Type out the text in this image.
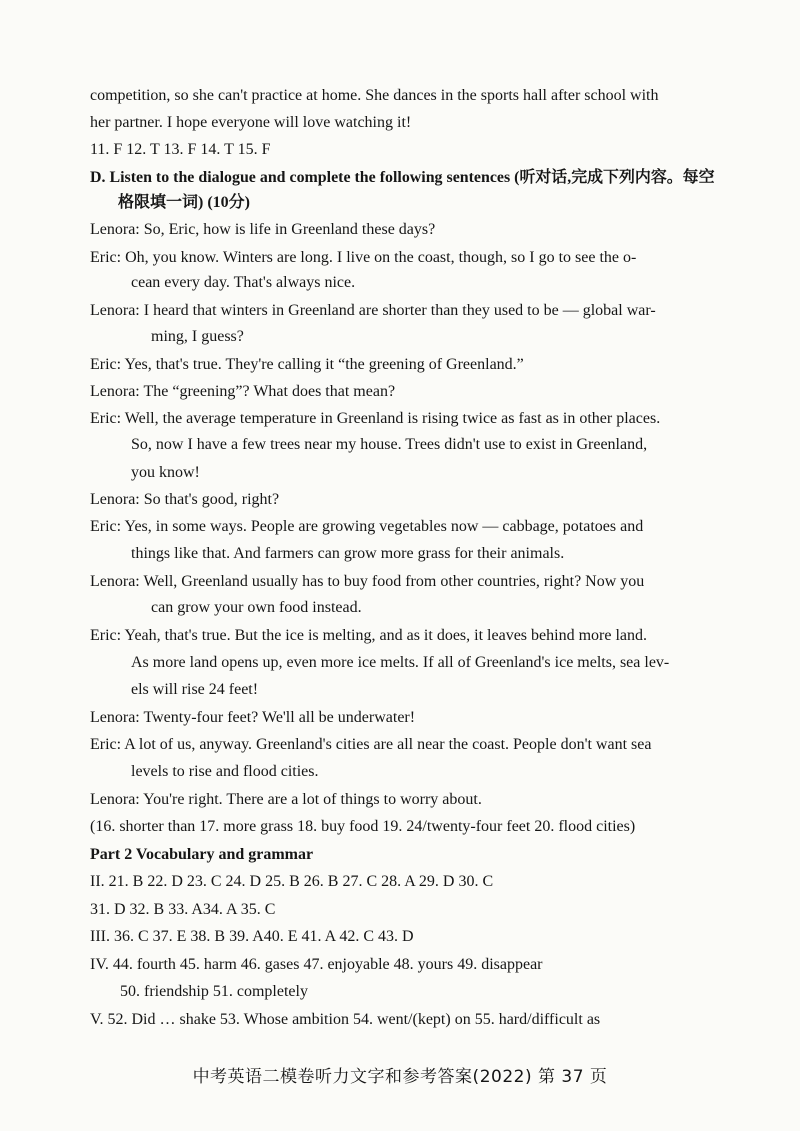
competition, so she can't practice at home. She dances in the sports hall after school with
her partner. I hope everyone will love watching it!
11. F 12. T 13. F 14. T 15. F
D. Listen to the dialogue and complete the following sentences (听对话,完成下列内容。每空
格限填一词) (10分)
Lenora: So, Eric, how is life in Greenland these days?
Eric: Oh, you know. Winters are long. I live on the coast, though, so I go to see the o-
cean every day. That's always nice.
Lenora: I heard that winters in Greenland are shorter than they used to be — global war-
ming, I guess?
Eric: Yes, that's true. They're calling it “the greening of Greenland.”
Lenora: The “greening”? What does that mean?
Eric: Well, the average temperature in Greenland is rising twice as fast as in other places.
So, now I have a few trees near my house. Trees didn't use to exist in Greenland,
you know!
Lenora: So that's good, right?
Eric: Yes, in some ways. People are growing vegetables now — cabbage, potatoes and
things like that. And farmers can grow more grass for their animals.
Lenora: Well, Greenland usually has to buy food from other countries, right? Now you
can grow your own food instead.
Eric: Yeah, that's true. But the ice is melting, and as it does, it leaves behind more land.
As more land opens up, even more ice melts. If all of Greenland's ice melts, sea lev-
els will rise 24 feet!
Lenora: Twenty-four feet? We'll all be underwater!
Eric: A lot of us, anyway. Greenland's cities are all near the coast. People don't want sea
levels to rise and flood cities.
Lenora: You're right. There are a lot of things to worry about.
(16. shorter than 17. more grass 18. buy food 19. 24/twenty-four feet 20. flood cities)
Part 2 Vocabulary and grammar
II. 21. B 22. D 23. C 24. D 25. B 26. B 27. C 28. A 29. D 30. C
31. D 32. B 33. A34. A 35. C
III. 36. C 37. E 38. B 39. A40. E 41. A 42. C 43. D
IV. 44. fourth 45. harm 46. gases 47. enjoyable 48. yours 49. disappear
50. friendship 51. completely
V. 52. Did … shake 53. Whose ambition 54. went/(kept) on 55. hard/difficult as
中考英语二模卷听力文字和参考答案(2022) 第 37 页
